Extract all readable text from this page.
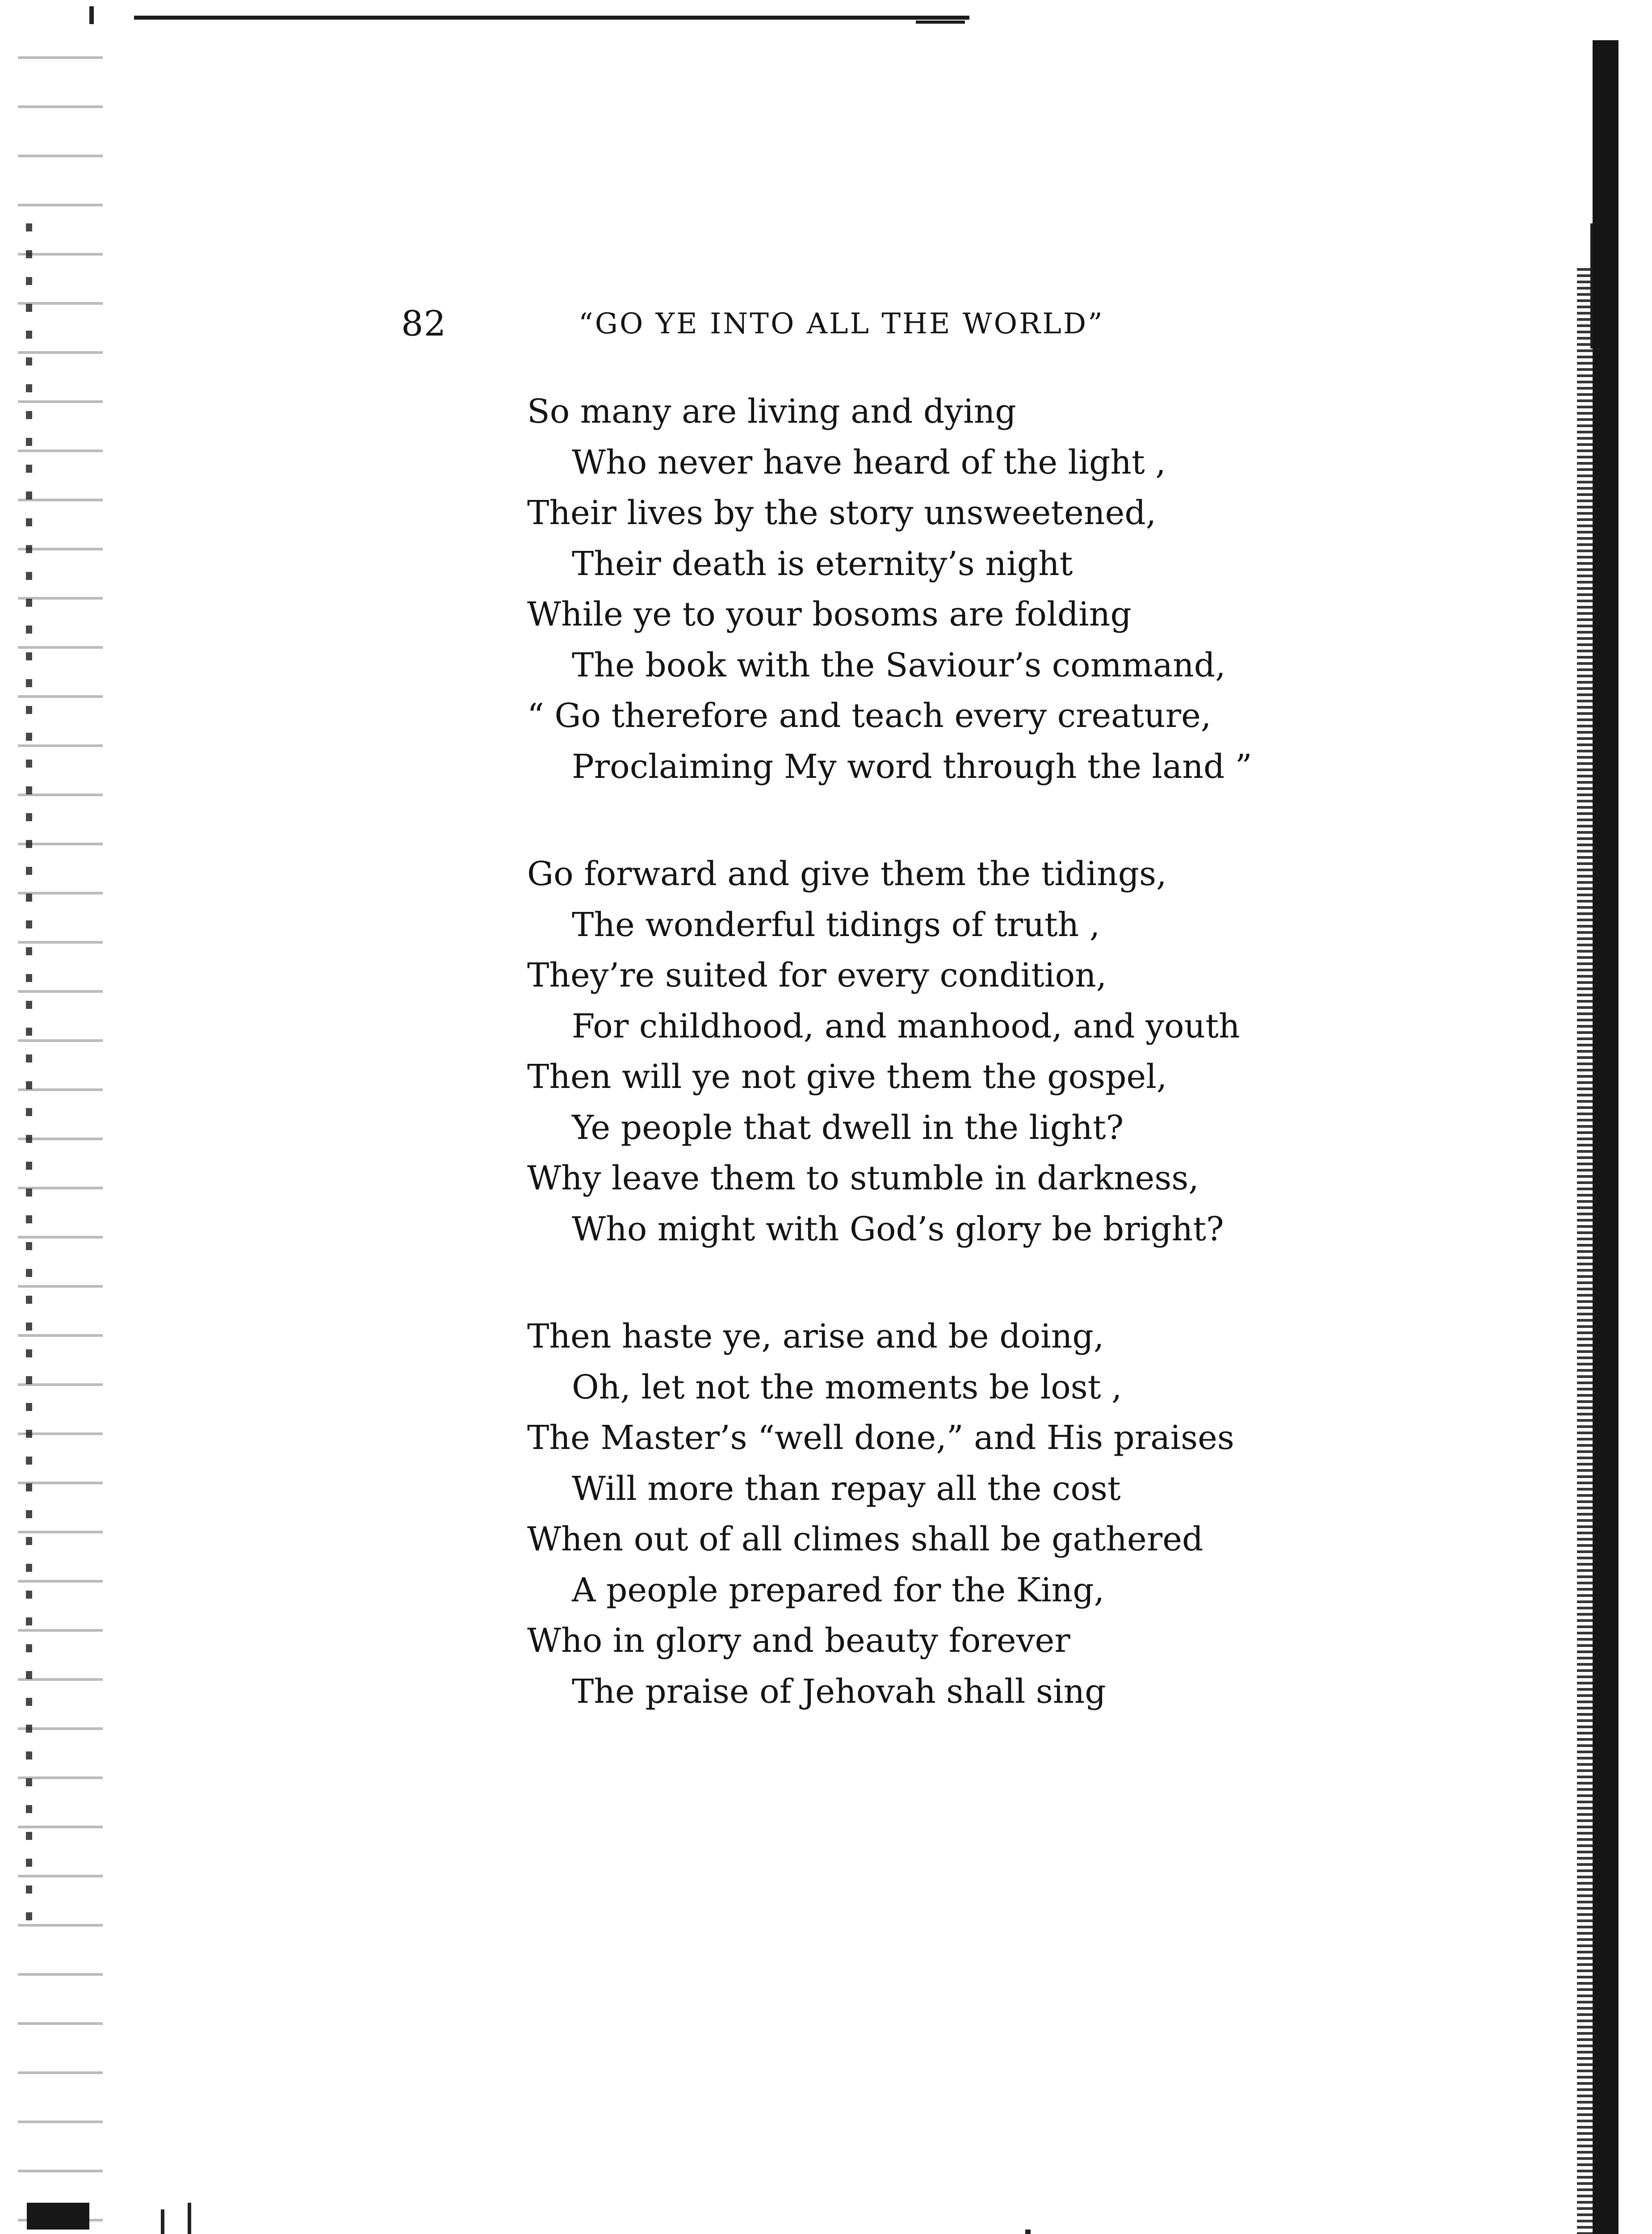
82	“GO YE INTO ALL THE WORLD”
So many are living and dying
Who never have heard of the light ,
Their lives by the story unsweetened,
Their death is eternity’s night
While ye to your bosoms are folding
The book with the Saviour’s command,
“ Go therefore and teach every creature,
Proclaiming My word through the land ”
Go forward and give them the tidings,
The wonderful tidings of truth ,
They’re suited for every condition,
For childhood, and manhood, and youth
Then will ye not give them the gospel,
Ye people that dwell in the light?
Why leave them to stumble in darkness,
Who might with God’s glory be bright?
Then haste ye, arise and be doing,
Oh, let not the moments be lost ,
The Master’s “well done,” and His praises
Will more than repay all the cost
When out of all climes shall be gathered
A people prepared for the King,
Who in glory and beauty forever
The praise of Jehovah shall sing
